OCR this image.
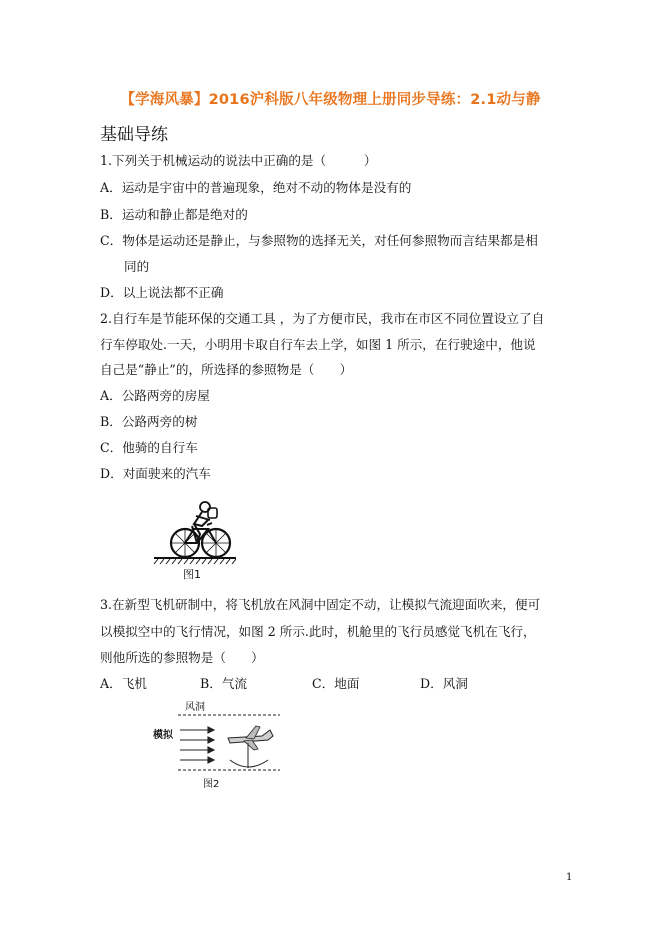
【学海风暴】2016沪科版八年级物理上册同步导练：2.1动与静
基础导练
1.下列关于机械运动的说法中正确的是（　　　）
A．运动是宇宙中的普遍现象，绝对不动的物体是没有的
B．运动和静止都是绝对的
C．物体是运动还是静止，与参照物的选择无关，对任何参照物而言结果都是相
同的
D．以上说法都不正确
2.自行车是节能环保的交通工具 ，为了方便市民，我市在市区不同位置设立了自
行车停取处.一天，小明用卡取自行车去上学，如图 1 所示，在行驶途中，他说
自己是“静止”的，所选择的参照物是（　　）
A．公路两旁的房屋
B．公路两旁的树
C．他骑的自行车
D．对面驶来的汽车
图1
3.在新型飞机研制中，将飞机放在风洞中固定不动，让模拟气流迎面吹来，便可
以模拟空中的飞行情况，如图 2 所示.此时，机舱里的飞行员感觉飞机在飞行，
则他所选的参照物是（　　）
A．飞机	B．气流	C．地面	D．风洞
风洞
模拟
图2
1
